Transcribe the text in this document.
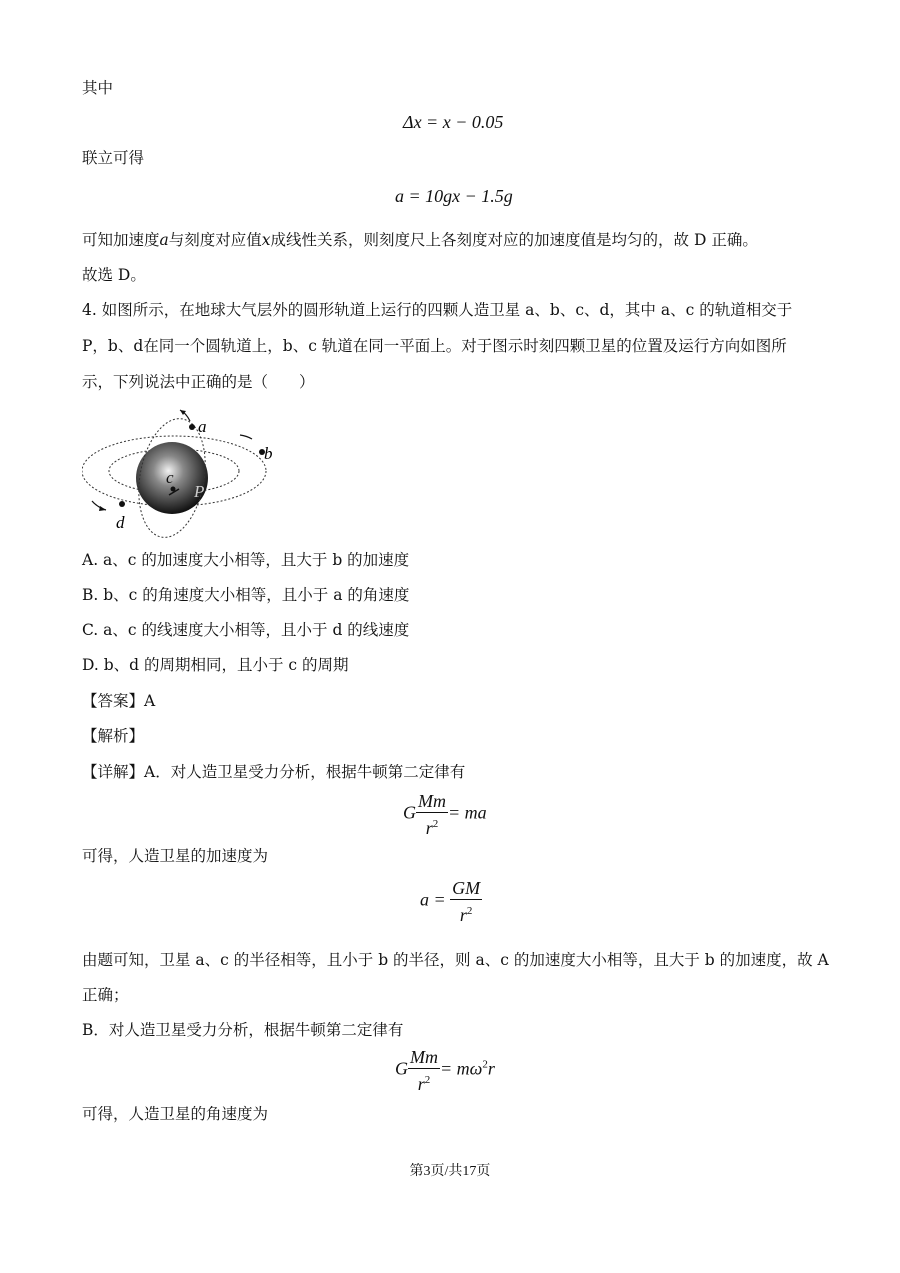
其中
Δx = x − 0.05
联立可得
a = 10gx − 1.5g
可知加速度a与刻度对应值x成线性关系，则刻度尺上各刻度对应的加速度值是均匀的，故 D 正确。
故选 D。
4. 如图所示，在地球大气层外的圆形轨道上运行的四颗人造卫星 a、b、c、d，其中 a、c 的轨道相交于
P，b、d在同一个圆轨道上，b、c 轨道在同一平面上。对于图示时刻四颗卫星的位置及运行方向如图所
示，下列说法中正确的是（　　）
a
b
c
d
P
A. a、c 的加速度大小相等，且大于 b 的加速度
B. b、c 的角速度大小相等，且小于 a 的角速度
C. a、c 的线速度大小相等，且小于 d 的线速度
D. b、d 的周期相同，且小于 c 的周期
【答案】A
【解析】
【详解】A．对人造卫星受力分析，根据牛顿第二定律有
G $\frac{Mm}{r^2}$ = ma
可得，人造卫星的加速度为
$a = \frac{GM}{r^2}$
由题可知，卫星 a、c 的半径相等，且小于 b 的半径，则 a、c 的加速度大小相等，且大于 b 的加速度，故 A
正确；
B．对人造卫星受力分析，根据牛顿第二定律有
G $\frac{Mm}{r^2} = m\omega^2r$
可得，人造卫星的角速度为
第3页/共17页
